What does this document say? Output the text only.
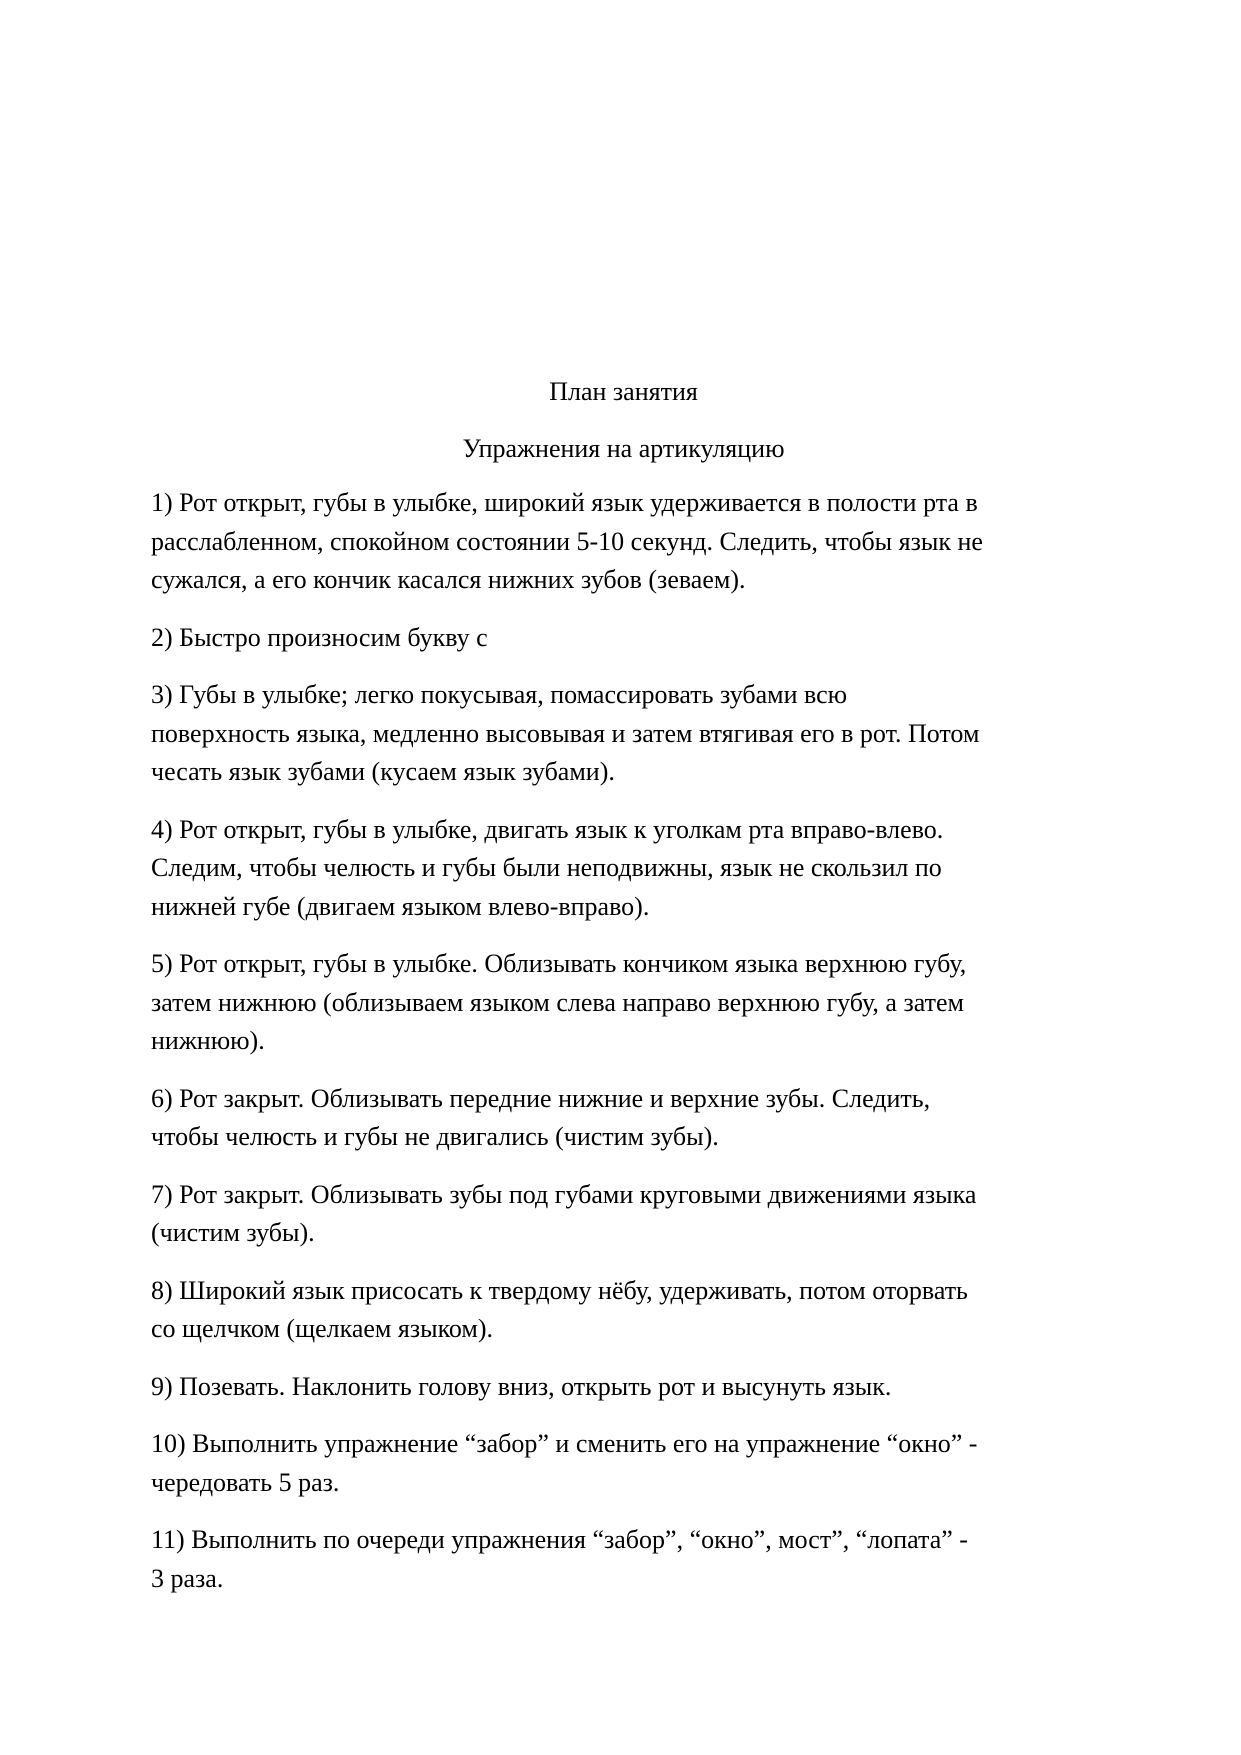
План занятия
Упражнения на артикуляцию
1) Рот открыт, губы в улыбке, широкий язык удерживается в полости рта в
расслабленном, спокойном состоянии 5-10 секунд. Следить, чтобы язык не
сужался, а его кончик касался нижних зубов (зеваем).
2) Быстро произносим букву с
3) Губы в улыбке; легко покусывая, помассировать зубами всю
поверхность языка, медленно высовывая и затем втягивая его в рот. Потом
чесать язык зубами (кусаем язык зубами).
4) Рот открыт, губы в улыбке, двигать язык к уголкам рта вправо-влево.
Следим, чтобы челюсть и губы были неподвижны, язык не скользил по
нижней губе (двигаем языком влево-вправо).
5) Рот открыт, губы в улыбке. Облизывать кончиком языка верхнюю губу,
затем нижнюю (облизываем языком слева направо верхнюю губу, а затем
нижнюю).
6) Рот закрыт. Облизывать передние нижние и верхние зубы. Следить,
чтобы челюсть и губы не двигались (чистим зубы).
7) Рот закрыт. Облизывать зубы под губами круговыми движениями языка
(чистим зубы).
8) Широкий язык присосать к твердому нёбу, удерживать, потом оторвать
со щелчком (щелкаем языком).
9) Позевать. Наклонить голову вниз, открыть рот и высунуть язык.
10) Выполнить упражнение “забор” и сменить его на упражнение “окно” -
чередовать 5 раз.
11) Выполнить по очереди упражнения “забор”, “окно”, мост”, “лопата” -
3 раза.
